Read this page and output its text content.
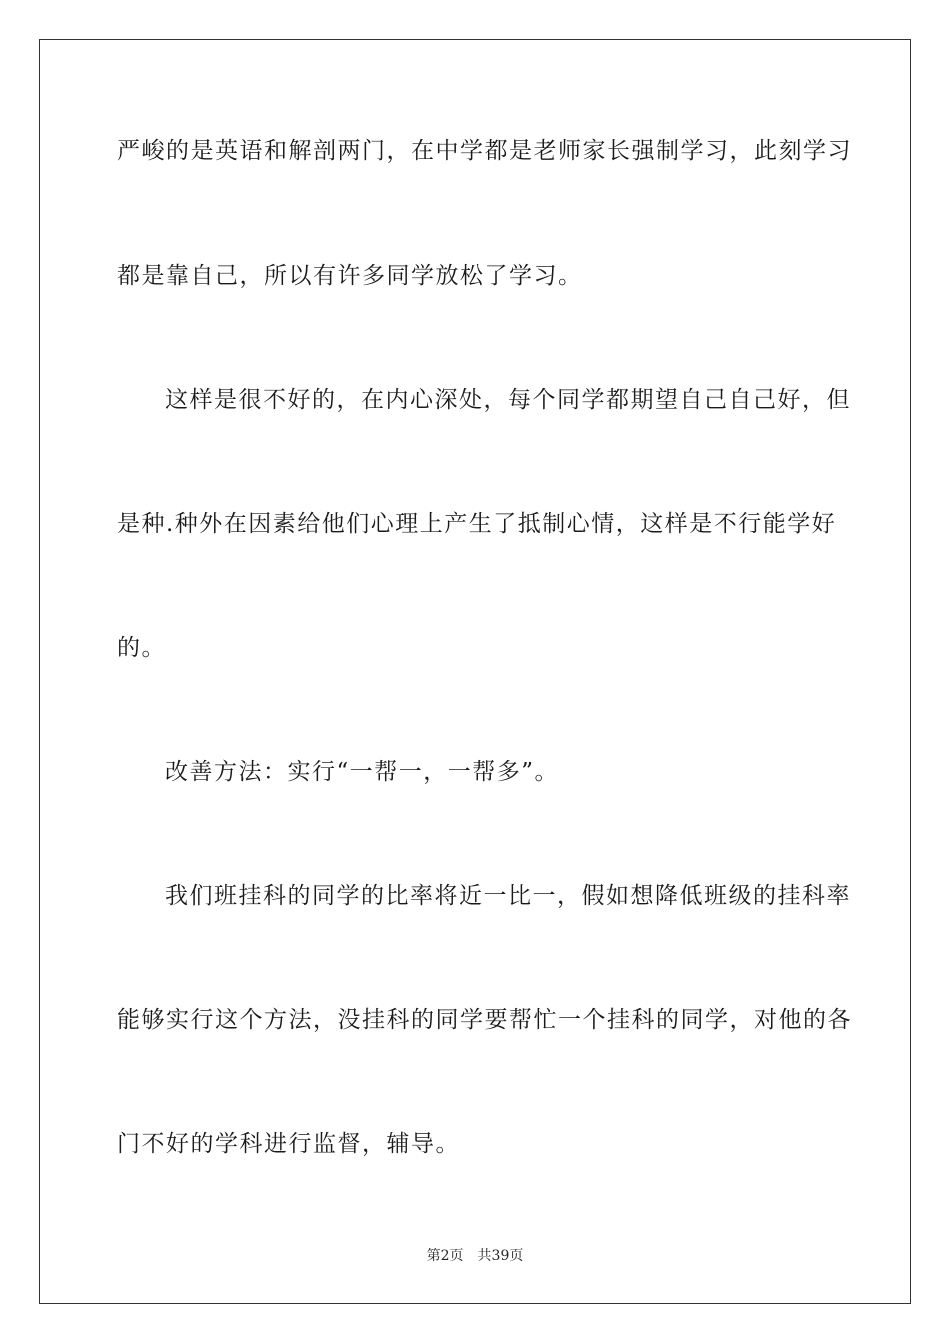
严峻的是英语和解剖两门，在中学都是老师家长强制学习，此刻学习
都是靠自己，所以有许多同学放松了学习。
这样是很不好的，在内心深处，每个同学都期望自己自己好，但
是种.种外在因素给他们心理上产生了抵制心情，这样是不行能学好
的。
改善方法：实行“一帮一，一帮多”。
我们班挂科的同学的比率将近一比一，假如想降低班级的挂科率
能够实行这个方法，没挂科的同学要帮忙一个挂科的同学，对他的各
门不好的学科进行监督，辅导。
第2页 共39页
